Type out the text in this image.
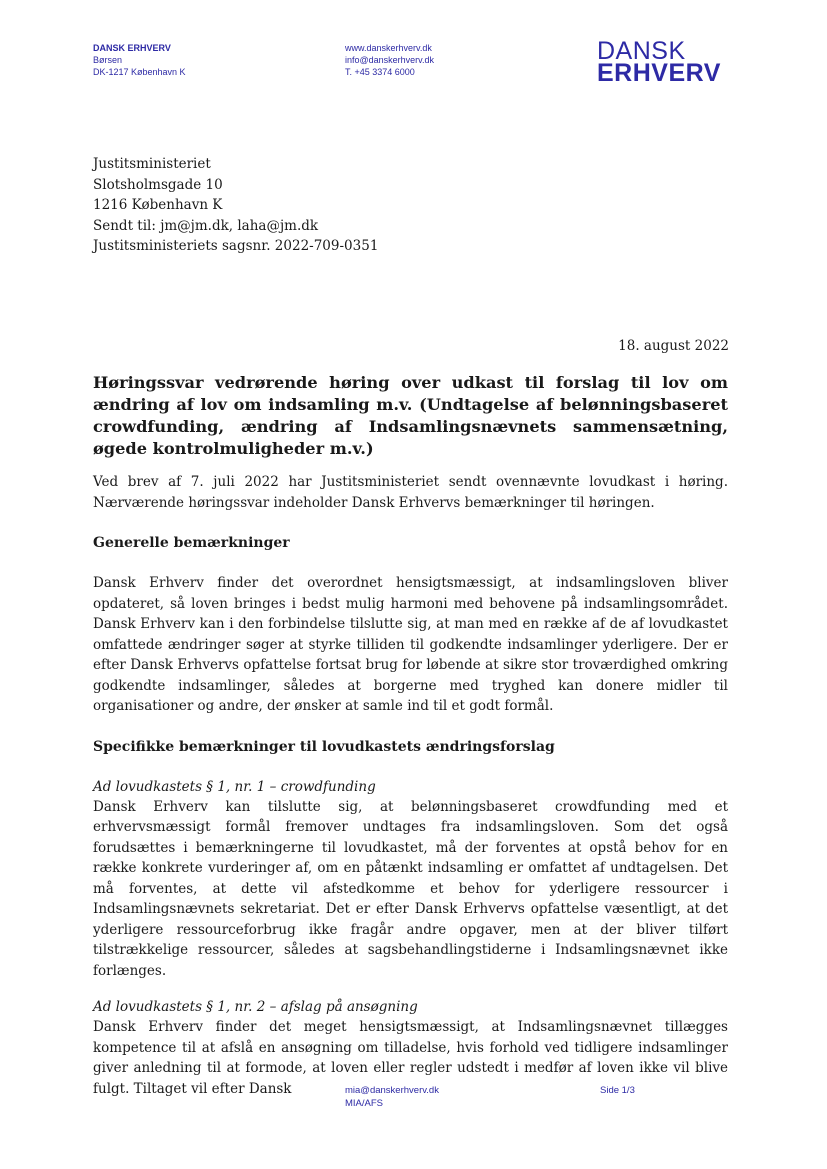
DANSK ERHVERV
Børsen
DK-1217 København K
www.danskerhverv.dk
info@danskerhverv.dk
T. +45 3374 6000
DANSK
ERHVERV
Justitsministeriet
Slotsholmsgade 10
1216 København K
Sendt til: jm@jm.dk, laha@jm.dk
Justitsministeriets sagsnr. 2022-709-0351
18. august 2022
Høringssvar vedrørende høring over udkast til forslag til lov om ændring af lov om indsamling m.v. (Undtagelse af belønningsbaseret crowdfunding, ændring af Indsamlingsnævnets sammensætning, øgede kontrolmuligheder m.v.)

Ved brev af 7. juli 2022 har Justitsministeriet sendt ovennævnte lovudkast i høring. Nærværende høringssvar indeholder Dansk Erhvervs bemærkninger til høringen.

Generelle bemærkninger

Dansk Erhverv finder det overordnet hensigtsmæssigt, at indsamlingsloven bliver opdateret, så loven bringes i bedst mulig harmoni med behovene på indsamlingsområdet. Dansk Erhverv kan i den forbindelse tilslutte sig, at man med en række af de af lovudkastet omfattede ændringer søger at styrke tilliden til godkendte indsamlinger yderligere. Der er efter Dansk Erhvervs opfattelse fortsat brug for løbende at sikre stor troværdighed omkring godkendte indsamlinger, således at borgerne med tryghed kan donere midler til organisationer og andre, der ønsker at samle ind til et godt formål.

Specifikke bemærkninger til lovudkastets ændringsforslag
Ad lovudkastets § 1, nr. 1 – crowdfunding

Dansk Erhverv kan tilslutte sig, at belønningsbaseret crowdfunding med et erhvervsmæssigt formål fremover undtages fra indsamlingsloven. Som det også forudsættes i bemærkningerne til lovudkastet, må der forventes at opstå behov for en række konkrete vurderinger af, om en påtænkt indsamling er omfattet af undtagelsen. Det må forventes, at dette vil afstedkomme et behov for yderligere ressourcer i Indsamlingsnævnets sekretariat. Det er efter Dansk Erhvervs opfattelse væsentligt, at det yderligere ressourceforbrug ikke fragår andre opgaver, men at der bliver tilført tilstrækkelige ressourcer, således at sagsbehandlingstiderne i Indsamlingsnævnet ikke forlænges.

Ad lovudkastets § 1, nr. 2 – afslag på ansøgning

Dansk Erhverv finder det meget hensigtsmæssigt, at Indsamlingsnævnet tillægges kompetence til at afslå en ansøgning om tilladelse, hvis forhold ved tidligere indsamlinger giver anledning til at formode, at loven eller regler udstedt i medfør af loven ikke vil blive fulgt. Tiltaget vil efter Dansk	mia@danskerhverv.dk
MIA/AFS
Side 1/3
